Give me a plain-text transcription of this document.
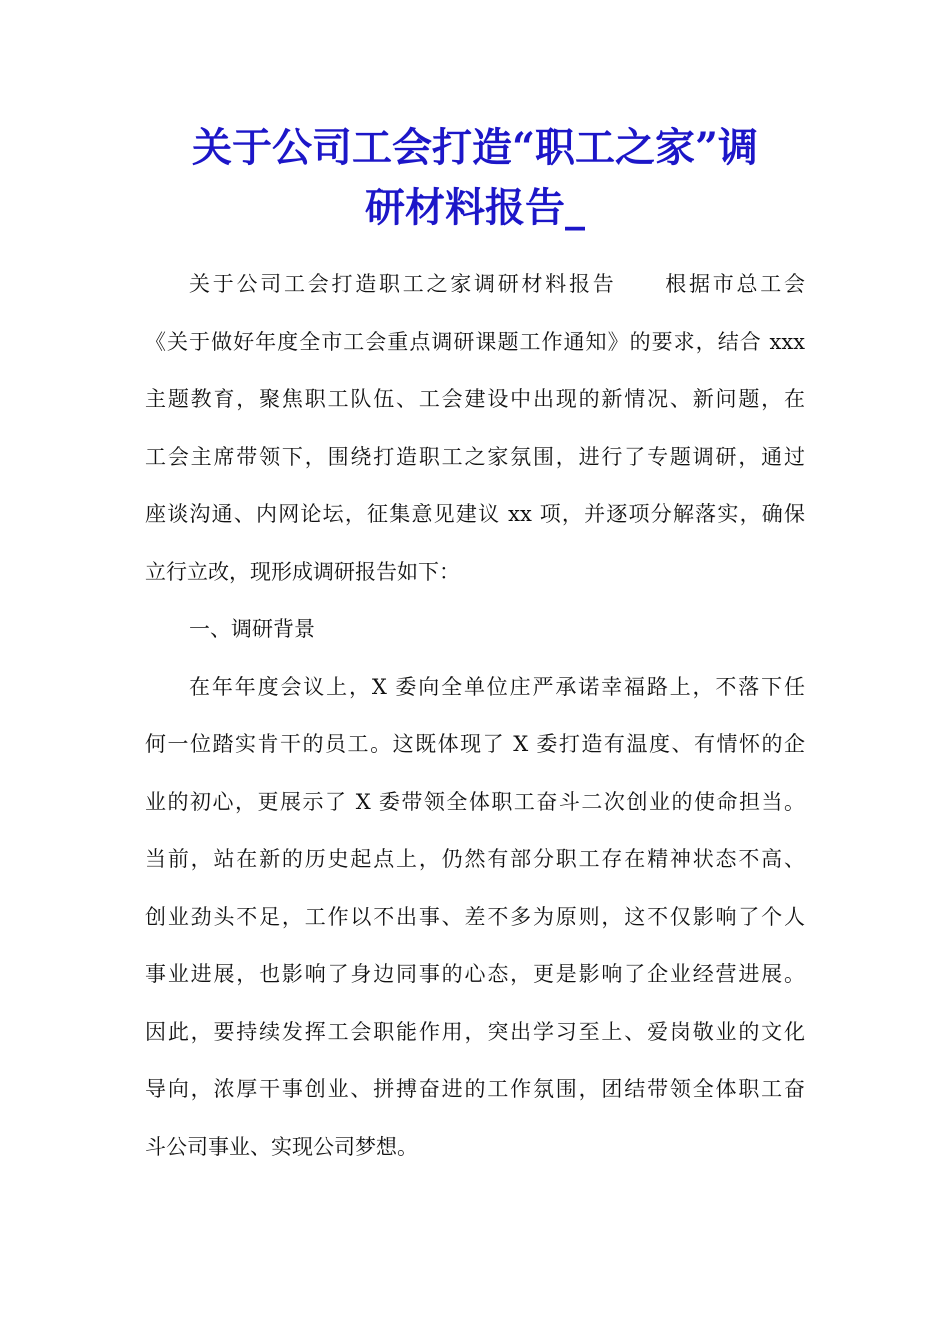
关于公司工会打造“职工之家”调
研材料报告_
关于公司工会打造职工之家调研材料报告 根据市总工会
《关于做好年度全市工会重点调研课题工作通知》的要求，结合 xxx
主题教育，聚焦职工队伍、工会建设中出现的新情况、新问题，在
工会主席带领下，围绕打造职工之家氛围，进行了专题调研，通过
座谈沟通、内网论坛，征集意见建议 xx 项，并逐项分解落实，确保
立行立改，现形成调研报告如下：
一、调研背景
在年年度会议上，X 委向全单位庄严承诺幸福路上，不落下任
何一位踏实肯干的员工。这既体现了 X 委打造有温度、有情怀的企
业的初心，更展示了 X 委带领全体职工奋斗二次创业的使命担当。
当前，站在新的历史起点上，仍然有部分职工存在精神状态不高、
创业劲头不足，工作以不出事、差不多为原则，这不仅影响了个人
事业进展，也影响了身边同事的心态，更是影响了企业经营进展。
因此，要持续发挥工会职能作用，突出学习至上、爱岗敬业的文化
导向，浓厚干事创业、拼搏奋进的工作氛围，团结带领全体职工奋
斗公司事业、实现公司梦想。
